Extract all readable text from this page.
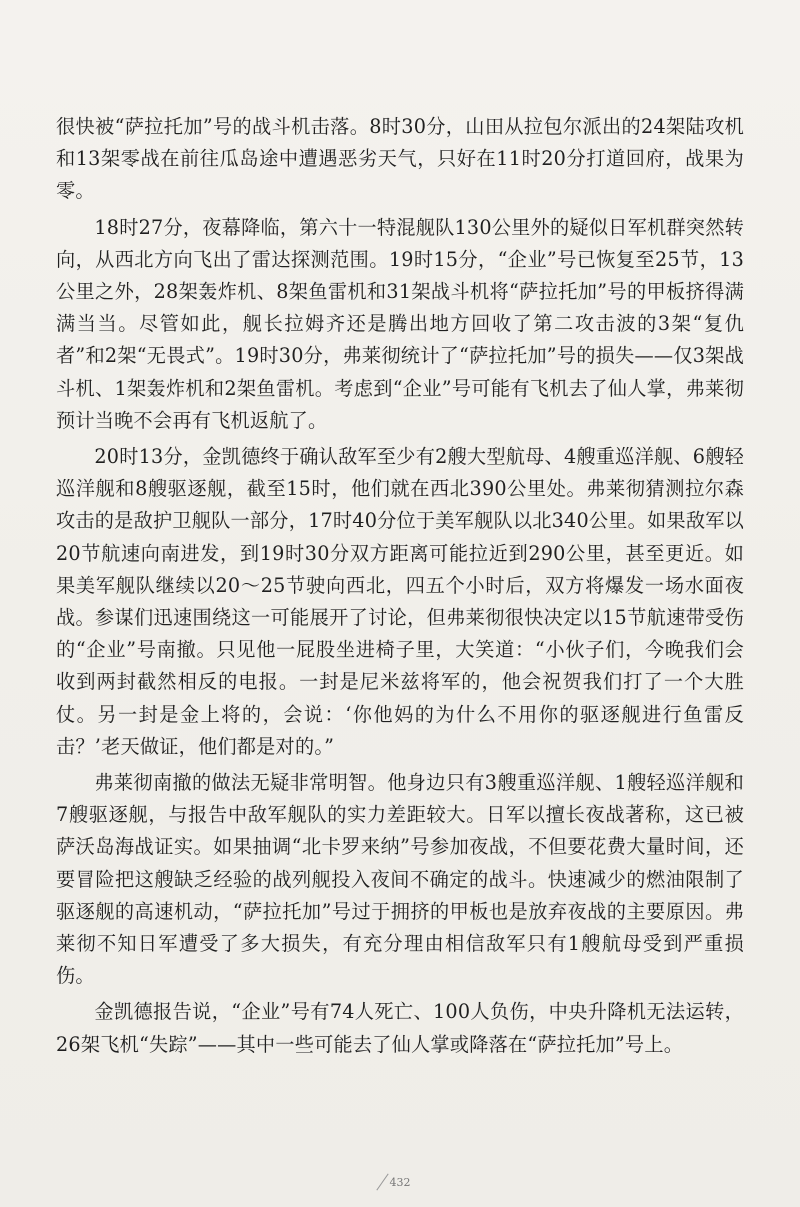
很快被“萨拉托加”号的战斗机击落。8时30分，山田从拉包尔派出的24架陆攻机和13架零战在前往瓜岛途中遭遇恶劣天气，只好在11时20分打道回府，战果为零。

18时27分，夜幕降临，第六十一特混舰队130公里外的疑似日军机群突然转向，从西北方向飞出了雷达探测范围。19时15分，“企业”号已恢复至25节，13公里之外，28架轰炸机、8架鱼雷机和31架战斗机将“萨拉托加”号的甲板挤得满满当当。尽管如此，舰长拉姆齐还是腾出地方回收了第二攻击波的3架“复仇者”和2架“无畏式”。19时30分，弗莱彻统计了“萨拉托加”号的损失——仅3架战斗机、1架轰炸机和2架鱼雷机。考虑到“企业”号可能有飞机去了仙人掌，弗莱彻预计当晚不会再有飞机返航了。

20时13分，金凯德终于确认敌军至少有2艘大型航母、4艘重巡洋舰、6艘轻巡洋舰和8艘驱逐舰，截至15时，他们就在西北390公里处。弗莱彻猜测拉尔森攻击的是敌护卫舰队一部分，17时40分位于美军舰队以北340公里。如果敌军以20节航速向南进发，到19时30分双方距离可能拉近到290公里，甚至更近。如果美军舰队继续以20～25节驶向西北，四五个小时后，双方将爆发一场水面夜战。参谋们迅速围绕这一可能展开了讨论，但弗莱彻很快决定以15节航速带受伤的“企业”号南撤。只见他一屁股坐进椅子里，大笑道：“小伙子们，今晚我们会收到两封截然相反的电报。一封是尼米兹将军的，他会祝贺我们打了一个大胜仗。另一封是金上将的，会说：‘你他妈的为什么不用你的驱逐舰进行鱼雷反击？’老天做证，他们都是对的。”

弗莱彻南撤的做法无疑非常明智。他身边只有3艘重巡洋舰、1艘轻巡洋舰和7艘驱逐舰，与报告中敌军舰队的实力差距较大。日军以擅长夜战著称，这已被萨沃岛海战证实。如果抽调“北卡罗来纳”号参加夜战，不但要花费大量时间，还要冒险把这艘缺乏经验的战列舰投入夜间不确定的战斗。快速减少的燃油限制了驱逐舰的高速机动，“萨拉托加”号过于拥挤的甲板也是放弃夜战的主要原因。弗莱彻不知日军遭受了多大损失，有充分理由相信敌军只有1艘航母受到严重损伤。

金凯德报告说，“企业”号有74人死亡、100人负伤，中央升降机无法运转，26架飞机“失踪”——其中一些可能去了仙人掌或降落在“萨拉托加”号上。

432
